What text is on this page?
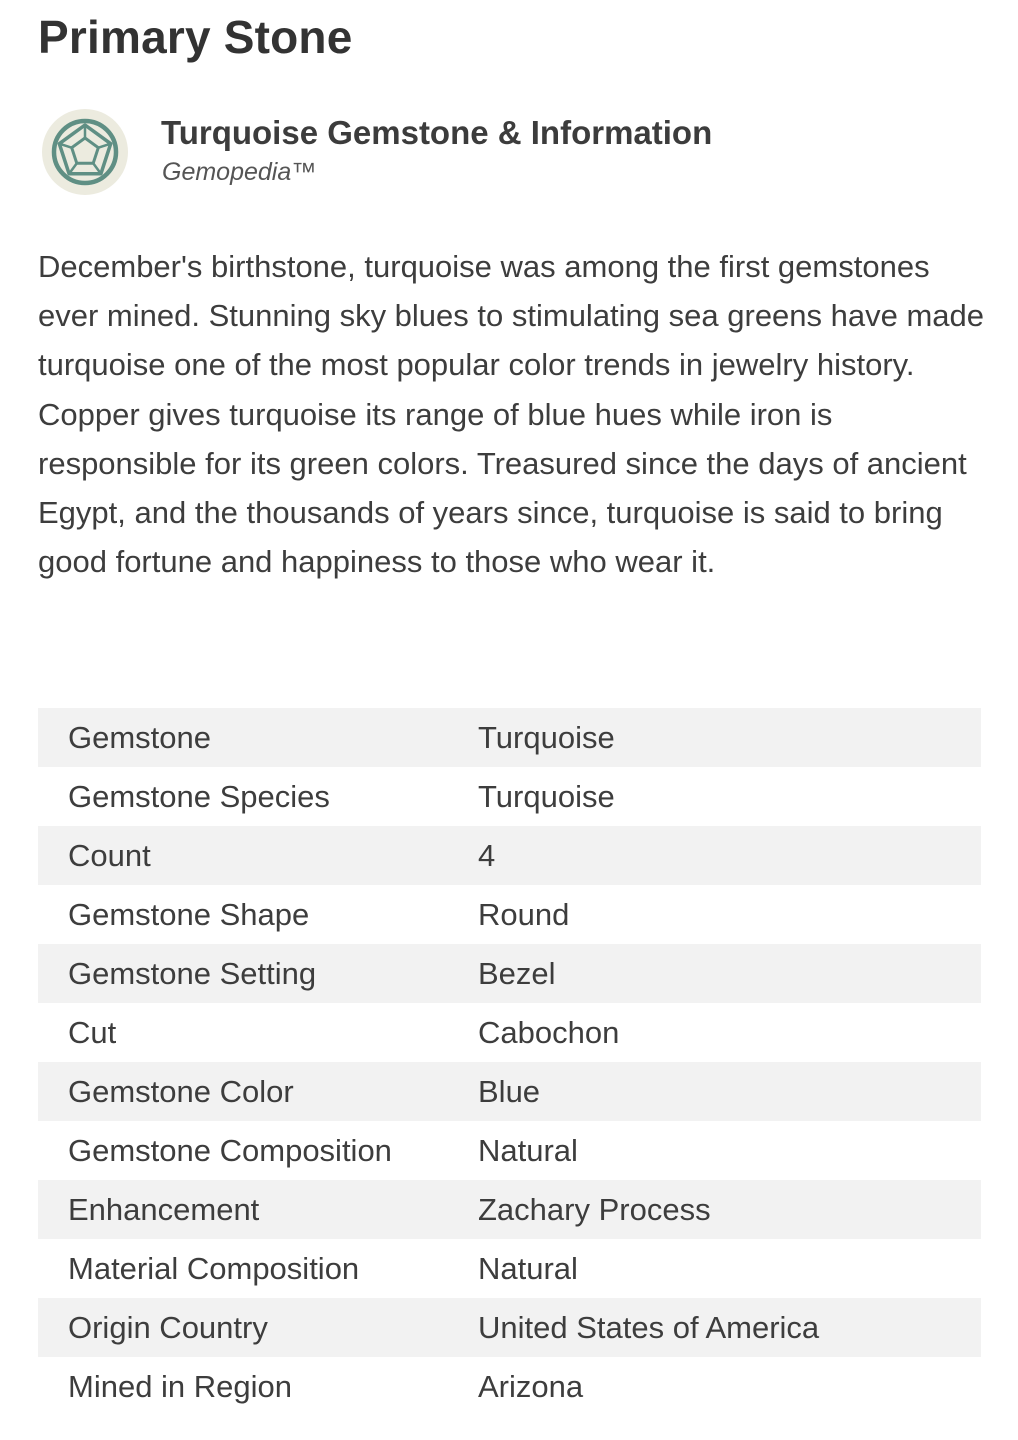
Primary Stone
Turquoise Gemstone & Information
Gemopedia™

December's birthstone, turquoise was among the first gemstones ever mined. Stunning sky blues to stimulating sea greens have made turquoise one of the most popular color trends in jewelry history. Copper gives turquoise its range of blue hues while iron is responsible for its green colors. Treasured since the days of ancient Egypt, and the thousands of years since, turquoise is said to bring good fortune and happiness to those who wear it.

Gemstone	Turquoise
Gemstone Species	Turquoise
Count	4
Gemstone Shape	Round
Gemstone Setting	Bezel
Cut	Cabochon
Gemstone Color	Blue
Gemstone Composition	Natural
Enhancement	Zachary Process
Material Composition	Natural
Origin Country	United States of America
Mined in Region	Arizona
